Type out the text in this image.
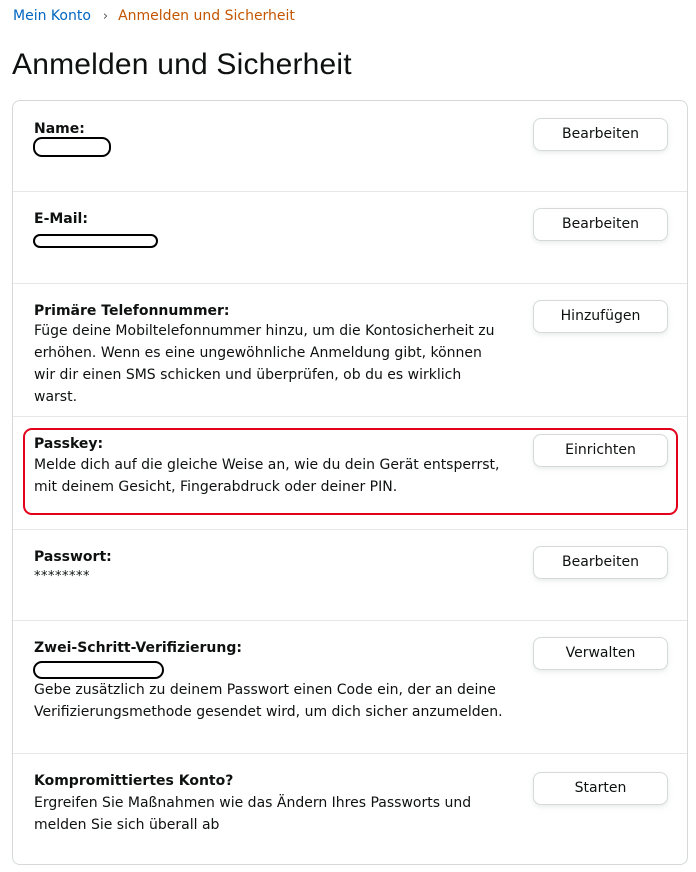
Mein Konto › Anmelden und Sicherheit
Anmelden und Sicherheit
Name:	Bearbeiten
E-Mail:	Bearbeiten
Primäre Telefonnummer:
Füge deine Mobiltelefonnummer hinzu, um die Kontosicherheit zu erhöhen. Wenn es eine ungewöhnliche Anmeldung gibt, können wir dir einen SMS schicken und überprüfen, ob du es wirklich warst.
Hinzufügen
Passkey:
Melde dich auf die gleiche Weise an, wie du dein Gerät entsperrst, mit deinem Gesicht, Fingerabdruck oder deiner PIN.
Einrichten
Passwort:
********
Bearbeiten
Zwei-Schritt-Verifizierung:
Gebe zusätzlich zu deinem Passwort einen Code ein, der an deine Verifizierungsmethode gesendet wird, um dich sicher anzumelden.
Verwalten
Kompromittiertes Konto?
Ergreifen Sie Maßnahmen wie das Ändern Ihres Passworts und melden Sie sich überall ab
Starten
